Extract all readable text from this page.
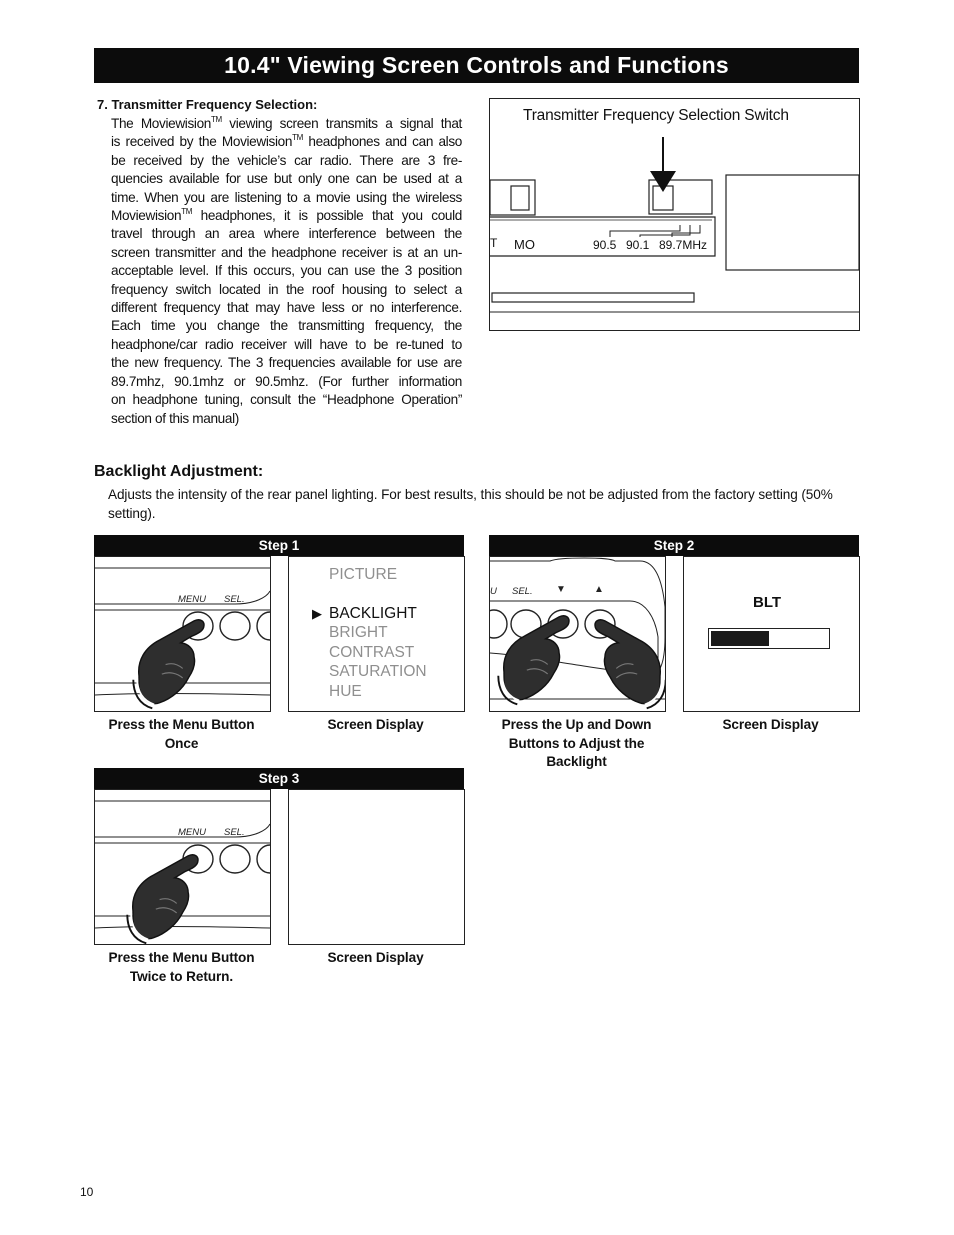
10.4" Viewing Screen Controls and Functions
7. Transmitter Frequency Selection:
The Moviewision™ viewing screen transmits a signal that
is received by the Moviewision™ headphones and can also
be received by the vehicle’s car radio. There are 3 fre-
quencies available for use but only one can be used at a
time. When you are listening to a movie using the wireless
Moviewision™ headphones, it is possible that you could
travel through an area where interference between the
screen transmitter and the headphone receiver is at an un-
acceptable level. If this occurs, you can use the 3 position
frequency switch located in the roof housing to select a
different frequency that may have less or no interference.
Each time you change the transmitting frequency, the
headphone/car radio receiver will have to be re-tuned to
the new frequency. The 3 frequencies available for use are
89.7mhz, 90.1mhz or 90.5mhz. (For further information
on headphone tuning, consult the “Headphone Operation”
section of this manual)
Transmitter Frequency Selection Switch
T MO	90.5 90.1 89.7MHz
Backlight Adjustment:
Adjusts the intensity of the rear panel lighting. For best results, this should be not be adjusted from the factory setting (50% setting).
Step 1
MENU SEL.
PICTURE
▶ BACKLIGHT
BRIGHT
CONTRAST
SATURATION
HUE
Press the Menu Button Once
Screen Display
Step 2
U SEL. ▼	▲
BLT
Press the Up and Down Buttons to Adjust the Backlight
Screen Display
Step 3
MENU SEL.
Press the Menu Button Twice to Return.
Screen Display
10
